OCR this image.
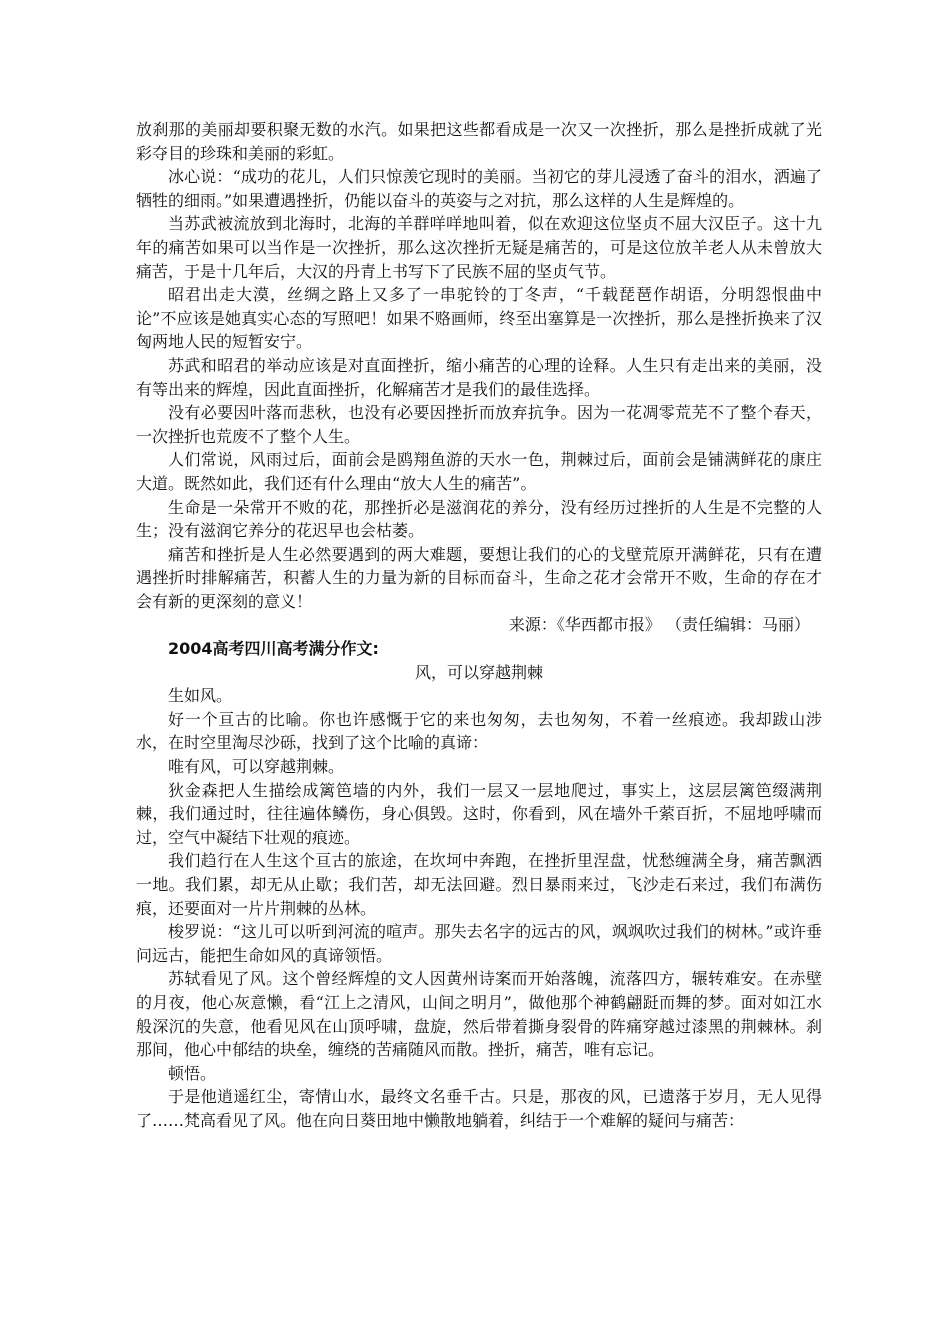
放刹那的美丽却要积聚无数的水汽。如果把这些都看成是一次又一次挫折，那么是挫折成就了光彩夺目的珍珠和美丽的彩虹。

冰心说：“成功的花儿，人们只惊羡它现时的美丽。当初它的芽儿浸透了奋斗的泪水，洒遍了牺牲的细雨。”如果遭遇挫折，仍能以奋斗的英姿与之对抗，那么这样的人生是辉煌的。

当苏武被流放到北海时，北海的羊群咩咩地叫着，似在欢迎这位坚贞不屈大汉臣子。这十九年的痛苦如果可以当作是一次挫折，那么这次挫折无疑是痛苦的，可是这位放羊老人从未曾放大痛苦，于是十几年后，大汉的丹青上书写下了民族不屈的坚贞气节。

昭君出走大漠，丝绸之路上又多了一串驼铃的丁冬声，“千载琵琶作胡语，分明怨恨曲中论”不应该是她真实心态的写照吧！如果不赂画师，终至出塞算是一次挫折，那么是挫折换来了汉匈两地人民的短暂安宁。

苏武和昭君的举动应该是对直面挫折，缩小痛苦的心理的诠释。人生只有走出来的美丽，没有等出来的辉煌，因此直面挫折，化解痛苦才是我们的最佳选择。

没有必要因叶落而悲秋，也没有必要因挫折而放弃抗争。因为一花凋零荒芜不了整个春天，一次挫折也荒废不了整个人生。

人们常说，风雨过后，面前会是鸥翔鱼游的天水一色，荆棘过后，面前会是铺满鲜花的康庄大道。既然如此，我们还有什么理由“放大人生的痛苦”。

生命是一朵常开不败的花，那挫折必是滋润花的养分，没有经历过挫折的人生是不完整的人生；没有滋润它养分的花迟早也会枯萎。

痛苦和挫折是人生必然要遇到的两大难题，要想让我们的心的戈壁荒原开满鲜花，只有在遭遇挫折时排解痛苦，积蓄人生的力量为新的目标而奋斗，生命之花才会常开不败，生命的存在才会有新的更深刻的意义！

来源：《华西都市报》 （责任编辑：马丽）

2004高考四川高考满分作文:

风，可以穿越荆棘

生如风。

好一个亘古的比喻。你也许感慨于它的来也匆匆，去也匆匆，不着一丝痕迹。我却跋山涉水，在时空里淘尽沙砾，找到了这个比喻的真谛：

唯有风，可以穿越荆棘。

狄金森把人生描绘成篱笆墙的内外，我们一层又一层地爬过，事实上，这层层篱笆缀满荆棘，我们通过时，往往遍体鳞伤，身心俱毁。这时，你看到，风在墙外千萦百折，不屈地呼啸而过，空气中凝结下壮观的痕迹。

我们趋行在人生这个亘古的旅途，在坎坷中奔跑，在挫折里涅盘，忧愁缠满全身，痛苦飘洒一地。我们累，却无从止歇；我们苦，却无法回避。烈日暴雨来过，飞沙走石来过，我们布满伤痕，还要面对一片片荆棘的丛林。

梭罗说：“这儿可以听到河流的喧声。那失去名字的远古的风，飒飒吹过我们的树林。”或许垂问远古，能把生命如风的真谛领悟。

苏轼看见了风。这个曾经辉煌的文人因黄州诗案而开始落魄，流落四方，辗转难安。在赤壁的月夜，他心灰意懒，看“江上之清风，山间之明月”，做他那个神鹤翩跹而舞的梦。面对如江水般深沉的失意，他看见风在山顶呼啸，盘旋，然后带着撕身裂骨的阵痛穿越过漆黑的荆棘林。刹那间，他心中郁结的块垒，缠绕的苦痛随风而散。挫折，痛苦，唯有忘记。

顿悟。

于是他逍遥红尘，寄情山水，最终文名垂千古。只是，那夜的风，已遗落于岁月，无人见得了……梵高看见了风。他在向日葵田地中懒散地躺着，纠结于一个难解的疑问与痛苦：
